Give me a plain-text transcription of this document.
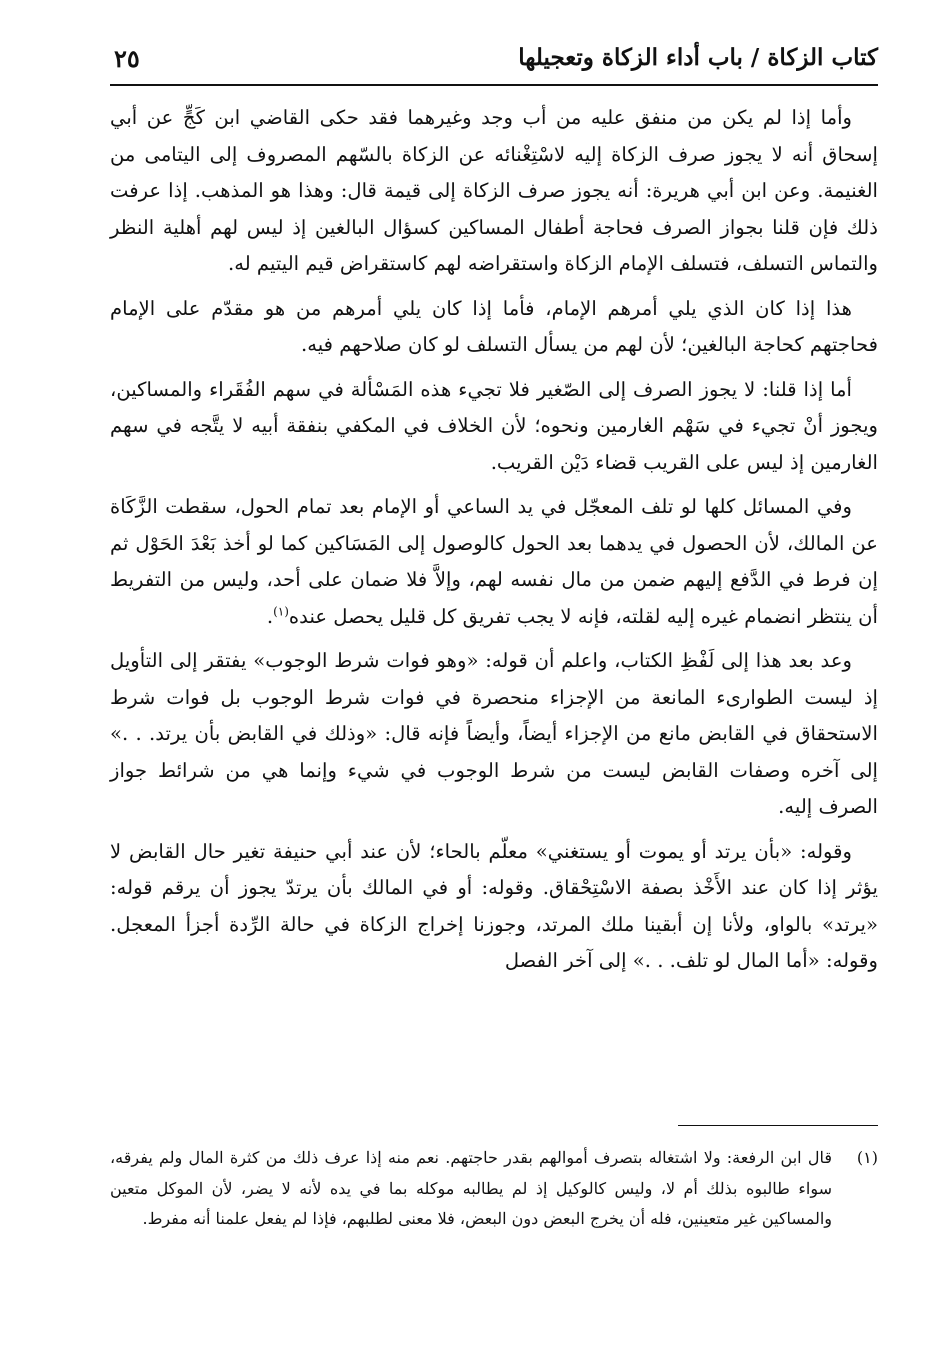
كتاب الزكاة / باب أداء الزكاة وتعجيلها
٢٥

وأما إذا لم يكن من منفق عليه من أب وجد وغيرهما فقد حكى القاضي ابن كَجٍّ عن أبي إسحاق أنه لا يجوز صرف الزكاة إليه لاسْتِغْنائه عن الزكاة بالسّهم المصروف إلى اليتامى من الغنيمة. وعن ابن أبي هريرة: أنه يجوز صرف الزكاة إلى قيمة قال: وهذا هو المذهب. إذا عرفت ذلك فإن قلنا بجواز الصرف فحاجة أطفال المساكين كسؤال البالغين إذ ليس لهم أهلية النظر والتماس التسلف، فتسلف الإمام الزكاة واستقراضه لهم كاستقراض قيم اليتيم له.

هذا إذا كان الذي يلي أمرهم الإمام، فأما إذا كان يلي أمرهم من هو مقدّم على الإمام فحاجتهم كحاجة البالغين؛ لأن لهم من يسأل التسلف لو كان صلاحهم فيه.

أما إذا قلنا: لا يجوز الصرف إلى الصّغير فلا تجيء هذه المَسْألة في سهم الفُقَراء والمساكين، ويجوز أنْ تجيء في سَهْم الغارمين ونحوه؛ لأن الخلاف في المكفي بنفقة أبيه لا يتَّجه في سهم الغارمين إذ ليس على القريب قضاء دَيْن القريب.

وفي المسائل كلها لو تلف المعجّل في يد الساعي أو الإمام بعد تمام الحول، سقطت الزَّكَاة عن المالك، لأن الحصول في يدهما بعد الحول كالوصول إلى المَسَاكين كما لو أخذ بَعْدَ الحَوْل ثم إن فرط في الدَّفع إليهم ضمن من مال نفسه لهم، وإلاَّ فلا ضمان على أحد، وليس من التفريط أن ينتظر انضمام غيره إليه لقلته، فإنه لا يجب تفريق كل قليل يحصل عنده$^{(١)}$.

وعد بعد هذا إلى لَفْظِ الكتاب، واعلم أن قوله: «وهو فوات شرط الوجوب» يفتقر إلى التأويل إذ ليست الطوارىء المانعة من الإجزاء منحصرة في فوات شرط الوجوب بل فوات شرط الاستحقاق في القابض مانع من الإجزاء أيضاً، وأيضاً فإنه قال: «وذلك في القابض بأن يرتد. . .» إلى آخره وصفات القابض ليست من شرط الوجوب في شيء وإنما هي من شرائط جواز الصرف إليه.

وقوله: «بأن يرتد أو يموت أو يستغني» معلّم بالحاء؛ لأن عند أبي حنيفة تغير حال القابض لا يؤثر إذا كان عند الأَخْذ بصفة الاسْتِحْقاق. وقوله: أو في المالك بأن يرتدّ يجوز أن يرقم قوله: «يرتد» بالواو، ولأنا إن أبقينا ملك المرتد، وجوزنا إخراج الزكاة في حالة الرِّدة أجزأ المعجل. وقوله: «أما المال لو تلف. . .» إلى آخر الفصل

(١)
قال ابن الرفعة: ولا اشتغاله بتصرف أموالهم بقدر حاجتهم. نعم منه إذا عرف ذلك من كثرة المال ولم يفرقه، سواء طالبوه بذلك أم لا، وليس كالوكيل إذ لم يطالبه موكله بما في يده لأنه لا يضر، لأن الموكل متعين والمساكين غير متعينين، فله أن يخرج البعض دون البعض، فلا معنى لطلبهم، فإذا لم يفعل علمنا أنه مفرط.
